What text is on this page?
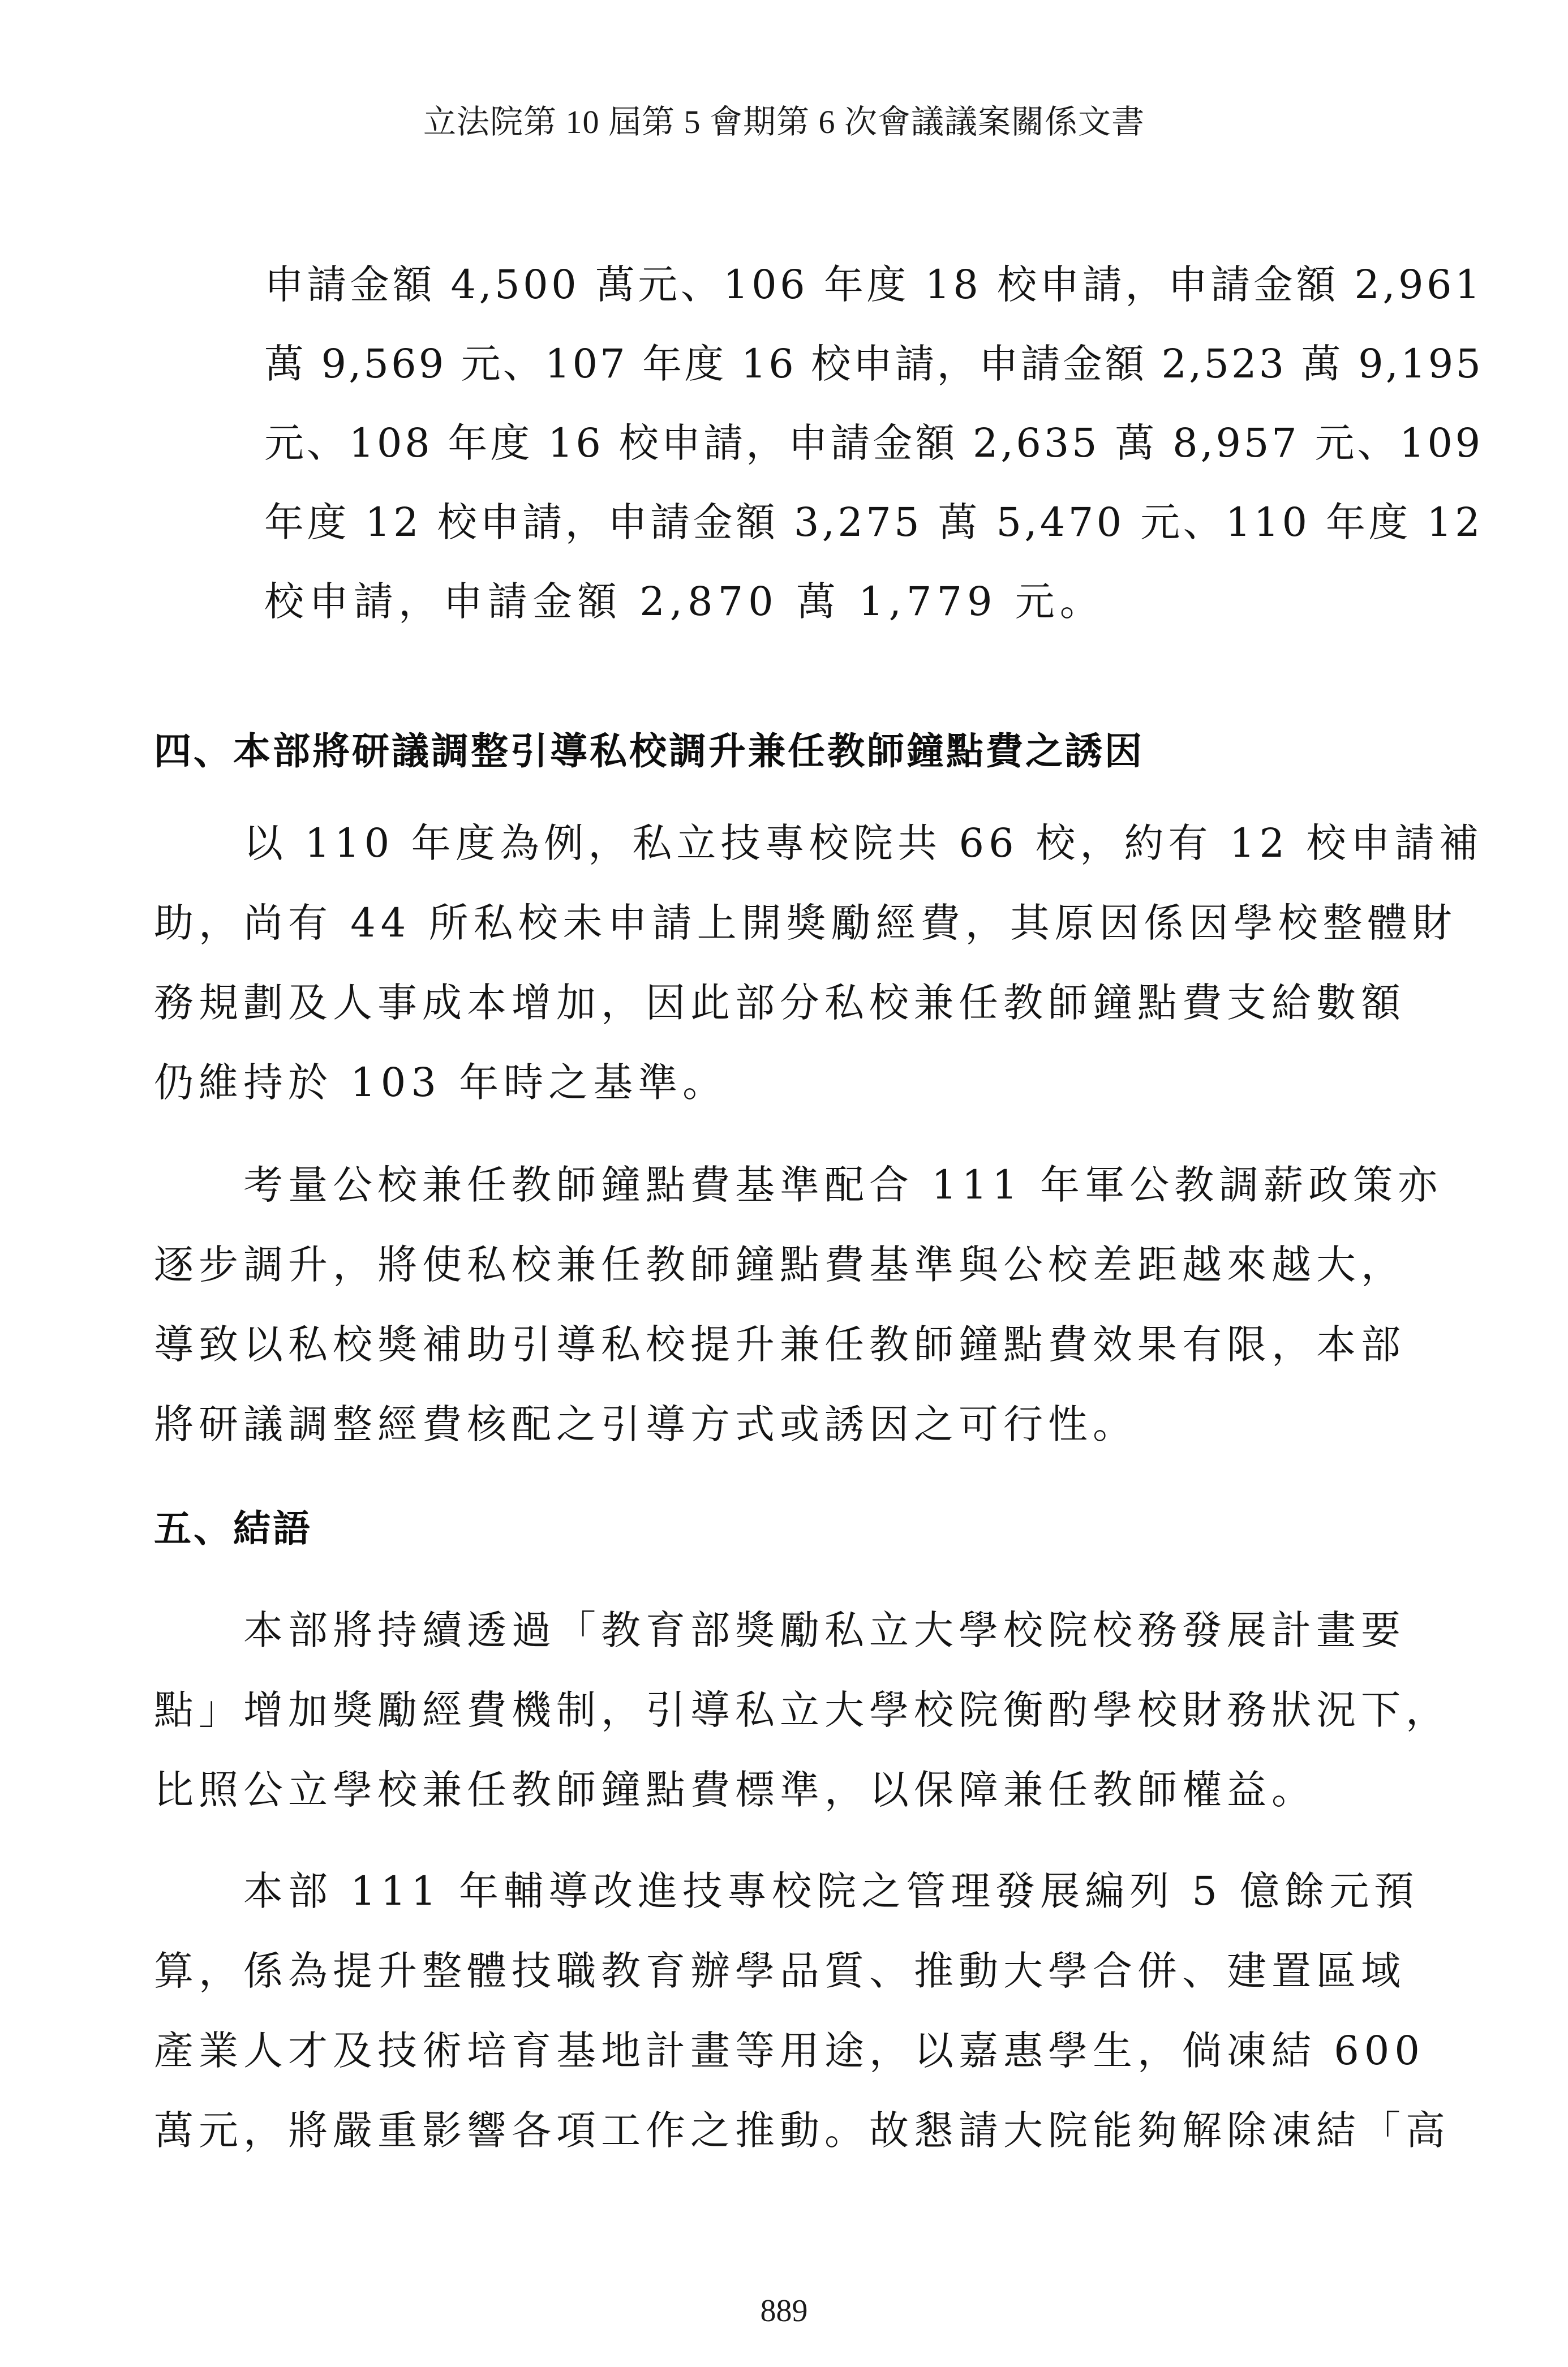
立法院第 10 屆第 5 會期第 6 次會議議案關係文書
申請金額 4,500 萬元、106 年度 18 校申請，申請金額 2,961
萬 9,569 元、107 年度 16 校申請，申請金額 2,523 萬 9,195
元、108 年度 16 校申請，申請金額 2,635 萬 8,957 元、109
年度 12 校申請，申請金額 3,275 萬 5,470 元、110 年度 12
校申請，申請金額 2,870 萬 1,779 元。
四、本部將研議調整引導私校調升兼任教師鐘點費之誘因
以 110 年度為例，私立技專校院共 66 校，約有 12 校申請補
助，尚有 44 所私校未申請上開獎勵經費，其原因係因學校整體財
務規劃及人事成本增加，因此部分私校兼任教師鐘點費支給數額
仍維持於 103 年時之基準。
考量公校兼任教師鐘點費基準配合 111 年軍公教調薪政策亦
逐步調升，將使私校兼任教師鐘點費基準與公校差距越來越大，
導致以私校獎補助引導私校提升兼任教師鐘點費效果有限，本部
將研議調整經費核配之引導方式或誘因之可行性。
五、結語
本部將持續透過「教育部獎勵私立大學校院校務發展計畫要
點」增加獎勵經費機制，引導私立大學校院衡酌學校財務狀況下，
比照公立學校兼任教師鐘點費標準，以保障兼任教師權益。
本部 111 年輔導改進技專校院之管理發展編列 5 億餘元預
算，係為提升整體技職教育辦學品質、推動大學合併、建置區域
產業人才及技術培育基地計畫等用途，以嘉惠學生，倘凍結 600
萬元，將嚴重影響各項工作之推動。故懇請大院能夠解除凍結「高
889
